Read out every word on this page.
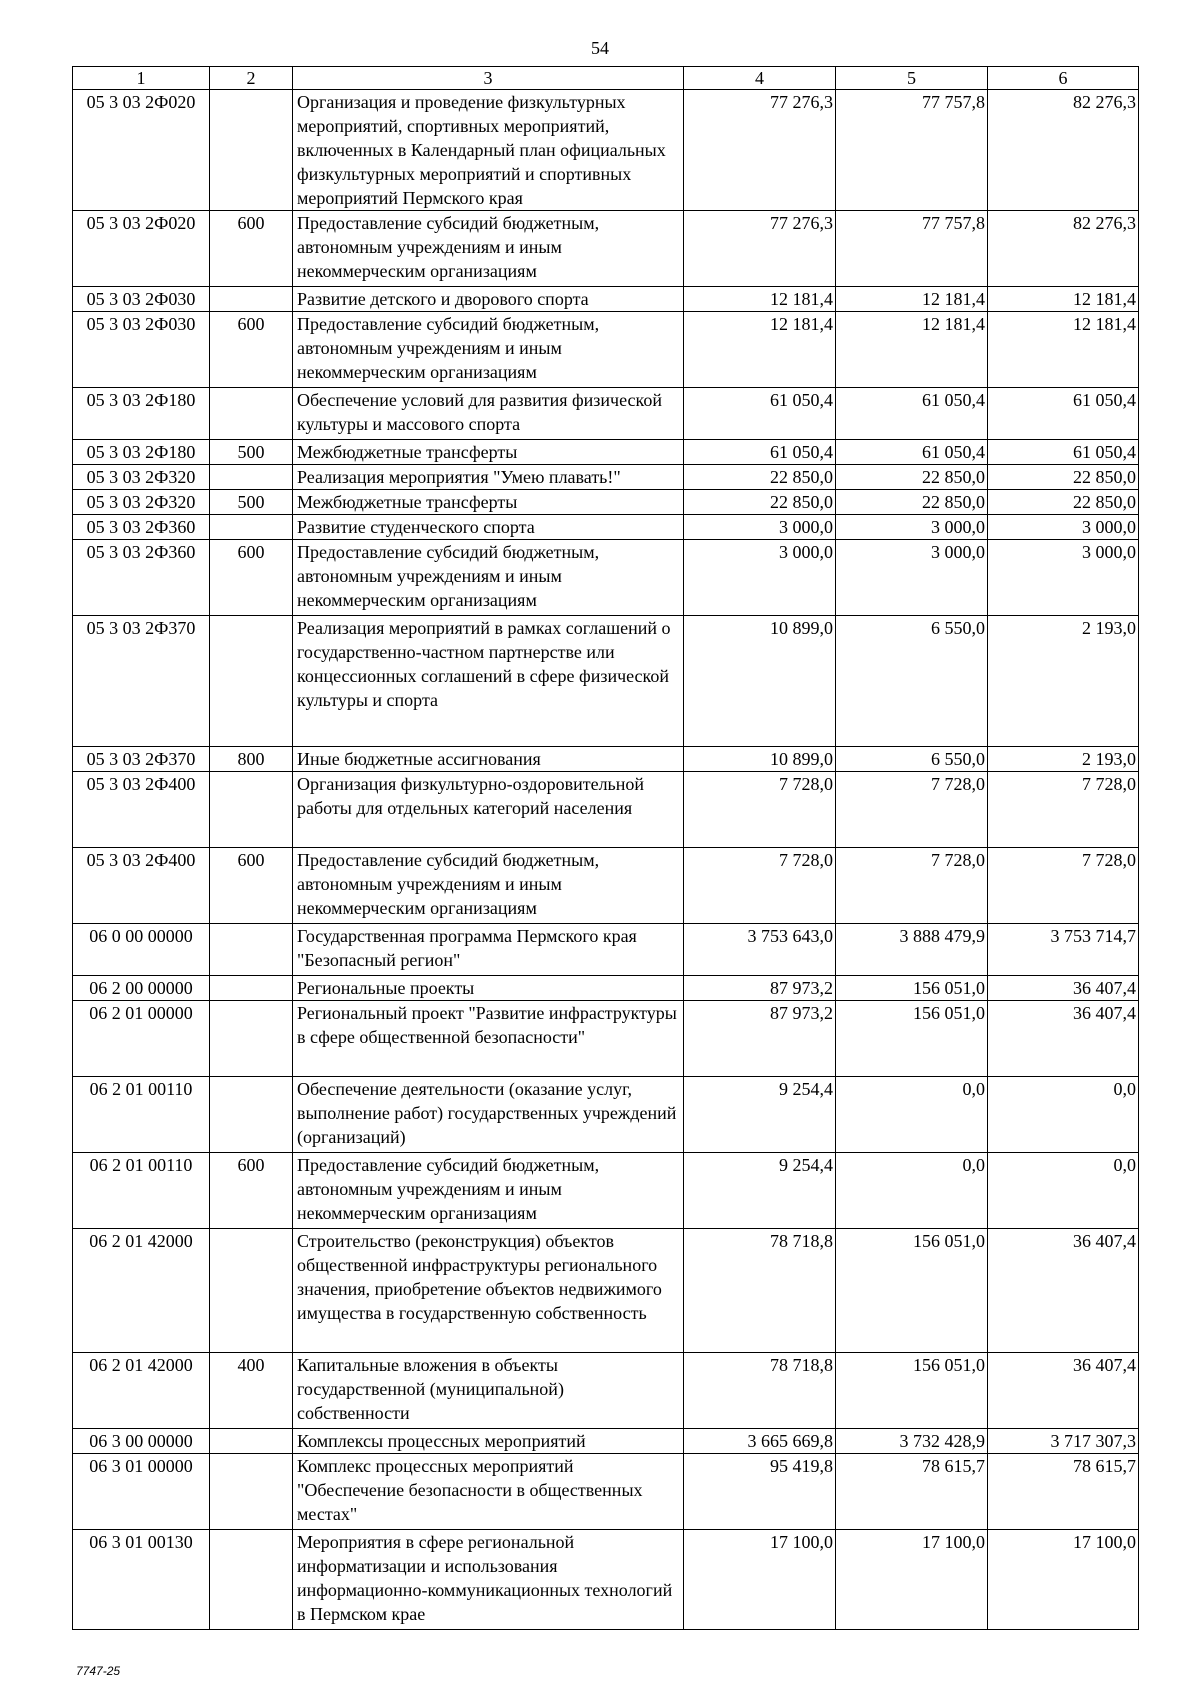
54
1	2	3	4	5	6
05 3 03 2Ф020		Организация и проведение физкультурных мероприятий, спортивных мероприятий, включенных в Календарный план официальных физкультурных мероприятий и спортивных мероприятий Пермского края	77 276,3	77 757,8	82 276,3
05 3 03 2Ф020	600	Предоставление субсидий бюджетным, автономным учреждениям и иным некоммерческим организациям	77 276,3	77 757,8	82 276,3
05 3 03 2Ф030		Развитие детского и дворового спорта	12 181,4	12 181,4	12 181,4
05 3 03 2Ф030	600	Предоставление субсидий бюджетным, автономным учреждениям и иным некоммерческим организациям	12 181,4	12 181,4	12 181,4
05 3 03 2Ф180		Обеспечение условий для развития физической культуры и массового спорта	61 050,4	61 050,4	61 050,4
05 3 03 2Ф180	500	Межбюджетные трансферты	61 050,4	61 050,4	61 050,4
05 3 03 2Ф320		Реализация мероприятия "Умею плавать!"	22 850,0	22 850,0	22 850,0
05 3 03 2Ф320	500	Межбюджетные трансферты	22 850,0	22 850,0	22 850,0
05 3 03 2Ф360		Развитие студенческого спорта	3 000,0	3 000,0	3 000,0
05 3 03 2Ф360	600	Предоставление субсидий бюджетным, автономным учреждениям и иным некоммерческим организациям	3 000,0	3 000,0	3 000,0
05 3 03 2Ф370		Реализация мероприятий в рамках соглашений о государственно-частном партнерстве или концессионных соглашений в сфере физической культуры и спорта	10 899,0	6 550,0	2 193,0
05 3 03 2Ф370	800	Иные бюджетные ассигнования	10 899,0	6 550,0	2 193,0
05 3 03 2Ф400		Организация физкультурно-оздоровительной работы для отдельных категорий населения	7 728,0	7 728,0	7 728,0
05 3 03 2Ф400	600	Предоставление субсидий бюджетным, автономным учреждениям и иным некоммерческим организациям	7 728,0	7 728,0	7 728,0
06 0 00 00000		Государственная программа Пермского края "Безопасный регион"	3 753 643,0	3 888 479,9	3 753 714,7
06 2 00 00000		Региональные проекты	87 973,2	156 051,0	36 407,4
06 2 01 00000		Региональный проект "Развитие инфраструктуры в сфере общественной безопасности"	87 973,2	156 051,0	36 407,4
06 2 01 00110		Обеспечение деятельности (оказание услуг, выполнение работ) государственных учреждений (организаций)	9 254,4	0,0	0,0
06 2 01 00110	600	Предоставление субсидий бюджетным, автономным учреждениям и иным некоммерческим организациям	9 254,4	0,0	0,0
06 2 01 42000		Строительство (реконструкция) объектов общественной инфраструктуры регионального значения, приобретение объектов недвижимого имущества в государственную собственность	78 718,8	156 051,0	36 407,4
06 2 01 42000	400	Капитальные вложения в объекты государственной (муниципальной) собственности	78 718,8	156 051,0	36 407,4
06 3 00 00000		Комплексы процессных мероприятий	3 665 669,8	3 732 428,9	3 717 307,3
06 3 01 00000		Комплекс процессных мероприятий "Обеспечение безопасности в общественных местах"	95 419,8	78 615,7	78 615,7
06 3 01 00130		Мероприятия в сфере региональной информатизации и использования информационно-коммуникационных технологий в Пермском крае	17 100,0	17 100,0	17 100,0
7747-25
